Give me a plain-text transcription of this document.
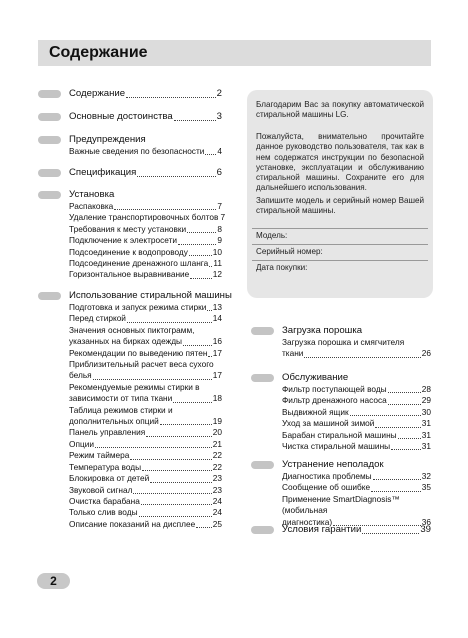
Содержание
Содержание	2
Основные достоинства	3
Предупреждения
Важные сведения по безопасности 4
Спецификация	6
Установка
Распаковка	7
Удаление транспортировочных болтов 7
Требования к месту установки	8
Подключение к электросети	9
Подсоединение к водопроводу	10
Подсоединение дренажного шланга 11
Горизонтальное выравнивание	12
Использование стиральной машины
Подготовка и запуск режима стирки 13
Перед стиркой	14
Значения основных пиктограмм,
указанных на бирках одежды	16
Рекомендации по выведению пятен 17
Приблизительный расчет веса сухого
белья	17
Рекомендуемые режимы стирки в
зависимости от типа ткани	18
Таблица режимов стирки и
дополнительных опций	19
Панель управления	20
Опции	21
Режим таймера	22
Температура воды	22
Блокировка от детей	23
Звуковой сигнал	23
Очистка барабана	24
Только слив воды	24
Описание показаний на дисплее 25

Благодарим Вас за покупку автоматической стиральной машины LG.

Пожалуйста, внимательно прочитайте данное руководство пользователя, так как в нем содержатся инструкции по безопасной установке, эксплуатации и обслуживанию стиральной машины. Сохраните его для дальнейшего использования.

Запишите модель и серийный номер Вашей стиральной машины.

Модель:
Серийный номер:
Дата покупки:
Загрузка порошка
Загрузка порошка и смягчителя
ткани	26
Обслуживание
Фильтр поступающей воды	28
Фильтр дренажного насоса	29
Выдвижной ящик	30
Уход за машиной зимой	31
Барабан стиральной машины	31
Чистка стиральной машины	31
Устранение неполадок
Диагностика проблемы	32
Сообщение об ошибке	35
Применение SmartDiagnosis™ (мобильная
диагностика)	36
Условия гарантии	39
2
